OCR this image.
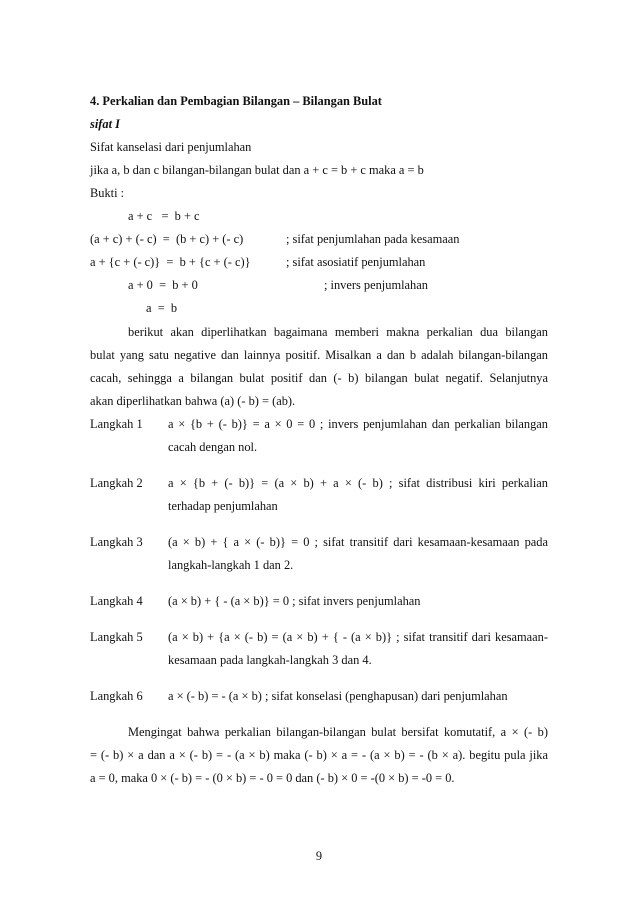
4. Perkalian dan Pembagian Bilangan – Bilangan Bulat
sifat I
Sifat kanselasi dari penjumlahan
jika a, b dan c bilangan-bilangan bulat dan a + c = b + c maka a = b
Bukti :
a + c   =  b + c
(a + c) + (- c)  =  (b + c) + (- c)	; sifat penjumlahan pada kesamaan
a + {c + (- c)}  =  b + {c + (- c)}	; sifat asosiatif penjumlahan
a + 0  =  b + 0	; invers penjumlahan
a  =  b
berikut akan diperlihatkan bagaimana memberi makna perkalian dua bilangan
bulat yang satu negative dan lainnya positif. Misalkan a dan b adalah bilangan-bilangan
cacah, sehingga a bilangan bulat positif dan (- b) bilangan bulat negatif. Selanjutnya
akan diperlihatkan bahwa (a) (- b) = (ab).
Langkah 1 a × {b + (- b)} = a × 0 = 0 ; invers penjumlahan dan perkalian bilangan
cacah dengan nol.
Langkah 2 a × {b + (- b)} = (a × b) + a × (- b) ; sifat distribusi kiri perkalian
terhadap penjumlahan
Langkah 3 (a × b) + { a × (- b)} = 0 ; sifat transitif dari kesamaan-kesamaan pada
langkah-langkah 1 dan 2.
Langkah 4 (a × b) + { - (a × b)} = 0 ; sifat invers penjumlahan
Langkah 5 (a × b) + {a × (- b) = (a × b) + { - (a × b)} ; sifat transitif dari kesamaan-
kesamaan pada langkah-langkah 3 dan 4.
Langkah 6 a × (- b) = - (a × b) ; sifat konselasi (penghapusan) dari penjumlahan
Mengingat bahwa perkalian bilangan-bilangan bulat bersifat komutatif, a × (- b)
= (- b) × a dan a × (- b) = - (a × b) maka (- b) × a = - (a × b) = - (b × a). begitu pula jika
a = 0, maka 0 × (- b) = - (0 × b) = - 0 = 0 dan (- b) × 0 = -(0 × b) = -0 = 0.
9
